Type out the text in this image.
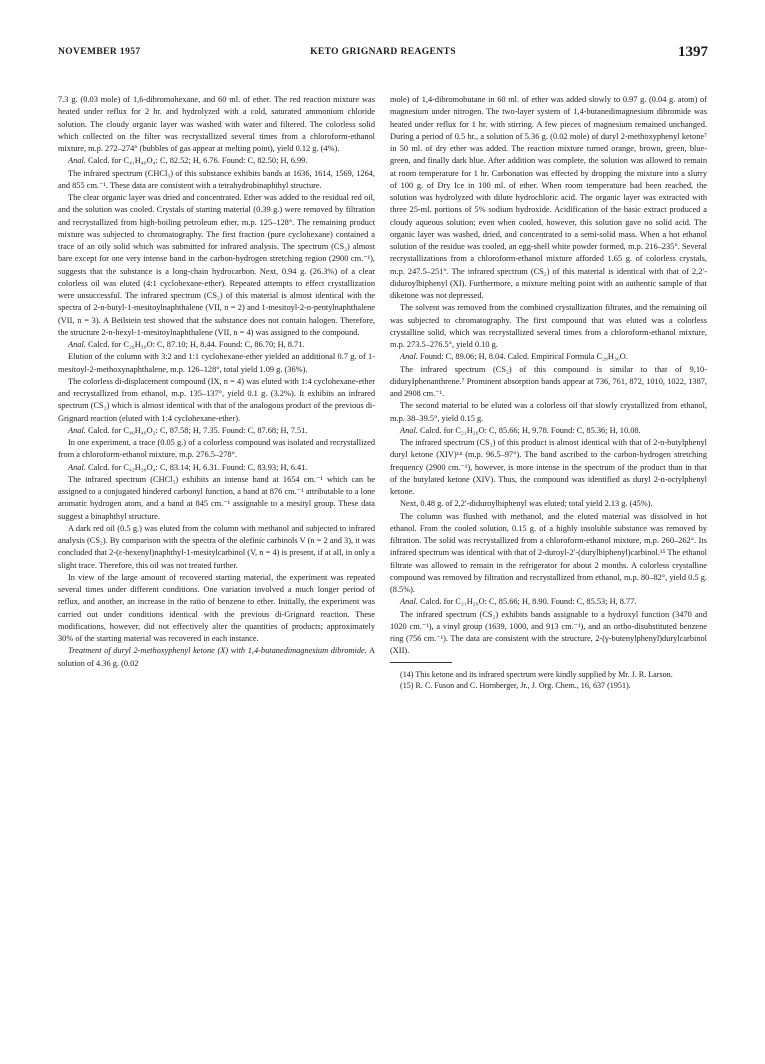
NOVEMBER 1957	KETO GRIGNARD REAGENTS	1397

7.3 g. (0.03 mole) of 1,6-dibromohexane, and 60 ml. of ether. The red reaction mixture was heated under reflux for 2 hr. and hydrolyzed with a cold, saturated ammonium chloride solution. The cloudy organic layer was washed with water and filtered. The colorless solid which collected on the filter was recrystallized several times from a chloroform-ethanol mixture, m.p. 272–274° (bubbles of gas appear at melting point), yield 0.12 g. (4%).

Anal. Calcd. for C₄₁H₄₀O₄: C, 82.52; H, 6.76. Found: C, 82.50; H, 6.99.

The infrared spectrum (CHCl₃) of this substance exhibits bands at 1636, 1614, 1569, 1264, and 855 cm.⁻¹. These data are consistent with a tetrahydrobinaphthyl structure.

The clear organic layer was dried and concentrated. Ether was added to the residual red oil, and the solution was cooled. Crystals of starting material (0.39 g.) were removed by filtration and recrystallized from high-boiling petroleum ether, m.p. 125–128°. The remaining product mixture was subjected to chromatography. The first fraction (pure cyclohexane) contained a trace of an oily solid which was submitted for infrared analysis. The spectrum (CS₂) almost bare except for one very intense band in the carbon-hydrogen stretching region (2900 cm.⁻¹), suggests that the substance is a long-chain hydrocarbon. Next, 0.94 g. (26.3%) of a clear colorless oil was eluted (4:1 cyclohexane-ether). Repeated attempts to effect crystallization were unsuccessful. The infrared spectrum (CS₂) of this material is almost identical with the spectra of 2-n-butyl-1-mesitoylnaphthalene (VII, n = 2) and 1-mesitoyl-2-n-pentylnaphthalene (VII, n = 3). A Beilstein test showed that the substance does not contain halogen. Therefore, the structure 2-n-hexyl-1-mesitoylnaphthalene (VII, n = 4) was assigned to the compound.

Anal. Calcd. for C₂₆H₃₀O: C, 87.10; H, 8.44. Found: C, 86.70; H, 8.71.

Elution of the column with 3:2 and 1:1 cyclohexane-ether yielded an additional 0.7 g. of 1-mesitoyl-2-methoxynaphthalene, m.p. 126–128°, total yield 1.09 g. (36%).

The colorless di-displacement compound (IX, n = 4) was eluted with 1:4 cyclohexane-ether and recrystallized from ethanol, m.p. 135–137°, yield 0.1 g. (3.2%). It exhibits an infrared spectrum (CS₂) which is almost identical with that of the analogous product of the previous di-Grignard reaction (eluted with 1:4 cyclohexane-ether).

Anal. Calcd. for C₄₆H₄₆O₂: C, 87.58; H, 7.35. Found: C, 87.68; H, 7.51.

In one experiment, a trace (0.05 g.) of a colorless compound was isolated and recrystallized from a chloroform-ethanol mixture, m.p. 276.5–278°.

Anal. Calcd. for C₄₂H₃₈O₄: C, 83.14; H, 6.31. Found: C, 83.93; H, 6.41.

The infrared spectrum (CHCl₃) exhibits an intense band at 1654 cm.⁻¹ which can be assigned to a conjugated hindered carbonyl function, a band at 876 cm.⁻¹ attributable to a lone aromatic hydrogen atom, and a band at 845 cm.⁻¹ assignable to a mesityl group. These data suggest a binaphthyl structure.

A dark red oil (0.5 g.) was eluted from the column with methanol and subjected to infrared analysis (CS₂). By comparison with the spectra of the olefinic carbinols V (n = 2 and 3), it was concluded that 2-(ε-hexenyl)naphthyl-1-mesitylcarbinol (V, n = 4) is present, if at all, in only a slight trace. Therefore, this oil was not treated further.

In view of the large amount of recovered starting material, the experiment was repeated several times under different conditions. One variation involved a much longer period of reflux, and another, an increase in the ratio of benzene to ether. Initially, the experiment was carried out under conditions identical with the previous di-Grignard reaction. These modifications, however, did not effectively alter the quantities of products; approximately 30% of the starting material was recovered in each instance.

Treatment of duryl 2-methoxyphenyl ketone (X) with 1,4-butanedimagnesium dibromide. A solution of 4.36 g. (0.02

mole) of 1,4-dibromobutane in 60 ml. of ether was added slowly to 0.97 g. (0.04 g. atom) of magnesium under nitrogen. The two-layer system of 1,4-butanedimagnesium dibromide was heated under reflux for 1 hr. with stirring. A few pieces of magnesium remained unchanged. During a period of 0.5 hr., a solution of 5.36 g. (0.02 mole) of duryl 2-methoxyphenyl ketone⁷ in 50 ml. of dry ether was added. The reaction mixture turned orange, brown, green, blue-green, and finally dark blue. After addition was complete, the solution was allowed to remain at room temperature for 1 hr. Carbonation was effected by dropping the mixture into a slurry of 100 g. of Dry Ice in 100 ml. of ether. When room temperature had been reached, the solution was hydrolyzed with dilute hydrochloric acid. The organic layer was extracted with three 25-ml. portions of 5% sodium hydroxide. Acidification of the basic extract produced a cloudy aqueous solution; even when cooled, however, this solution gave no solid acid. The organic layer was washed, dried, and concentrated to a semi-solid mass. When a hot ethanol solution of the residue was cooled, an egg-shell white powder formed, m.p. 216–235°. Several recrystallizations from a chloroform-ethanol mixture afforded 1.65 g. of colorless crystals, m.p. 247.5–251°. The infrared spectrum (CS₂) of this material is identical with that of 2,2′-diduroylbiphenyl (XI). Furthermore, a mixture melting point with an authentic sample of that diketone was not depressed.

The solvent was removed from the combined crystallization filtrates, and the remaining oil was subjected to chromatography. The first compound that was eluted was a colorless crystalline solid, which was recrystallized several times from a chloroform-ethanol mixture, m.p. 273.5–276.5°, yield 0.10 g.

Anal. Found: C, 89.06; H, 8.04. Calcd. Empirical Formula C₂₈H₃₀O.

The infrared spectrum (CS₂) of this compound is similar to that of 9,10-diduryIphenanthrene.⁷ Prominent absorption bands appear at 736, 761, 872, 1010, 1022, 1387, and 2908 cm.⁻¹.

The second material to be eluted was a colorless oil that slowly crystallized from ethanol, m.p. 38–39.5°, yield 0.15 g.

Anal. Calcd. for C₂₁H₂₆O: C, 85.66; H, 9.78. Found: C, 85.36; H, 10.08.

The infrared spectrum (CS₂) of this product is almost identical with that of 2-n-butylphenyl duryl ketone (XIV)¹⁴ (m.p. 96.5–97°). The band ascribed to the carbon-hydrogen stretching frequency (2900 cm.⁻¹), however, is more intense in the spectrum of the product than in that of the butylated ketone (XIV). Thus, the compound was identified as duryl 2-n-octylphenyl ketone.

Next, 0.48 g. of 2,2′-diduroylbiphenyl was eluted; total yield 2.13 g. (45%).

The column was flushed with methanol, and the eluted material was dissolved in hot ethanol. From the cooled solution, 0.15 g. of a highly insoluble substance was removed by filtration. The solid was recrystallized from a chloroform-ethanol mixture, m.p. 260–262°. Its infrared spectrum was identical with that of 2-duroyl-2′-(durylbiphenyl)carbinol.¹⁵ The ethanol filtrate was allowed to remain in the refrigerator for about 2 months. A colorless crystalline compound was removed by filtration and recrystallized from ethanol, m.p. 80–82°, yield 0.5 g. (8.5%).

Anal. Calcd. for C₂₁H₂₆O: C, 85.66; H, 8.90. Found: C, 85.53; H, 8.77.

The infrared spectrum (CS₂) exhibits bands assignable to a hydroxyl function (3470 and 1020 cm.⁻¹), a vinyl group (1639, 1000, and 913 cm.⁻¹), and an ortho-disubstituted benzene ring (756 cm.⁻¹). The data are consistent with the structure, 2-(γ-butenylphenyl)durylcarbinol (XII).

(14) This ketone and its infrared spectrum were kindly supplied by Mr. J. R. Larson.

(15) R. C. Fuson and C. Hornberger, Jr., J. Org. Chem., 16, 637 (1951).
